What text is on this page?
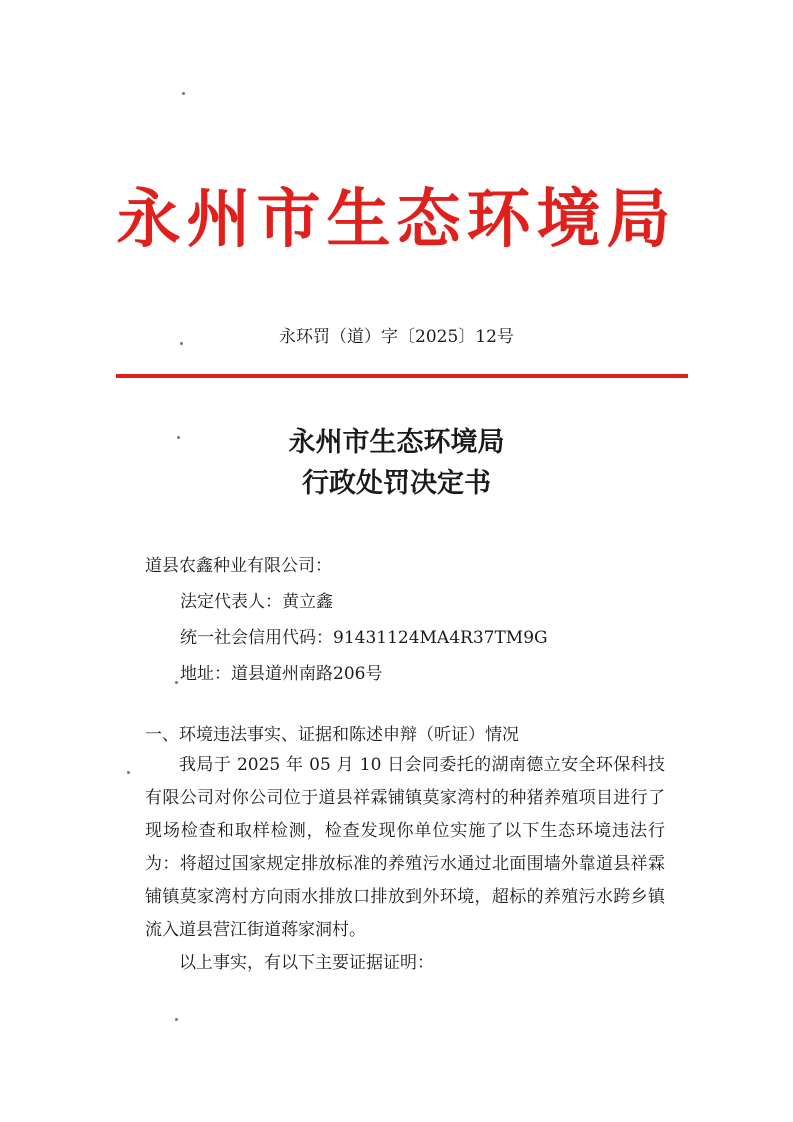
永州市生态环境局
永环罚（道）字〔2025〕12号
永州市生态环境局
行政处罚决定书
道县农鑫种业有限公司：
法定代表人：黄立鑫
统一社会信用代码：91431124MA4R37TM9G
地址：道县道州南路206号
一、环境违法事实、证据和陈述申辩（听证）情况

我局于 2025 年 05 月 10 日会同委托的湖南德立安全环保科技有限公司对你公司位于道县祥霖铺镇莫家湾村的种猪养殖项目进行了现场检查和取样检测，检查发现你单位实施了以下生态环境违法行为：将超过国家规定排放标准的养殖污水通过北面围墙外靠道县祥霖铺镇莫家湾村方向雨水排放口排放到外环境，超标的养殖污水跨乡镇流入道县营江街道蒋家洞村。

以上事实，有以下主要证据证明：
